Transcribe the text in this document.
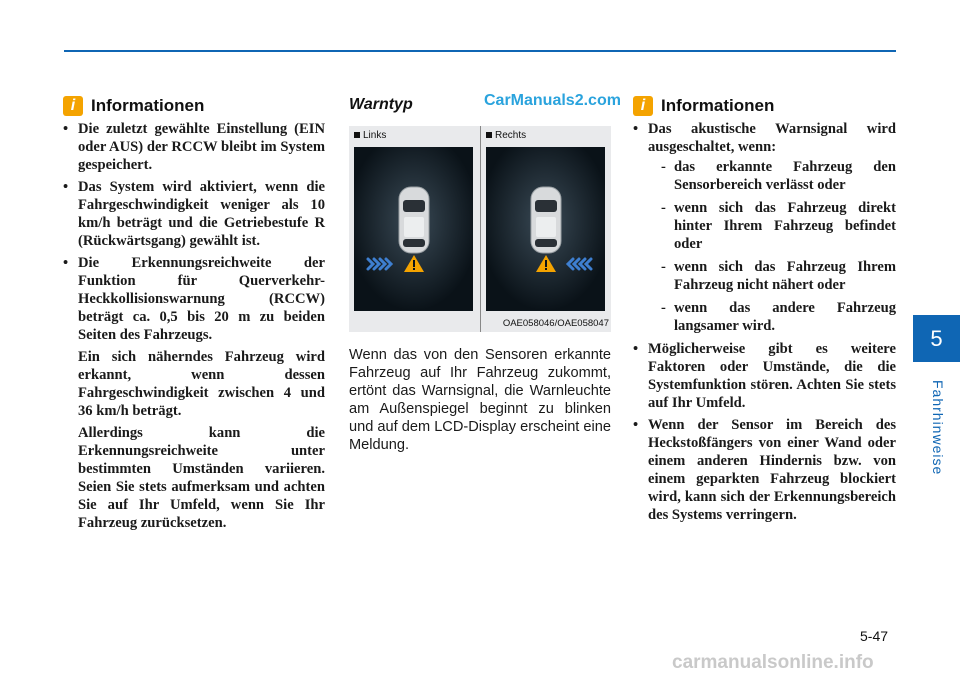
i Informationen
• Die zuletzt gewählte Einstellung (EIN oder AUS) der RCCW bleibt im System gespeichert.
• Das System wird aktiviert, wenn die Fahrgeschwindigkeit weniger als 10 km/h beträgt und die Getriebestufe R (Rückwärtsgang) gewählt ist.
• Die Erkennungsreichweite der Funktion für Querverkehr-Heckkollisionswarnung (RCCW) beträgt ca. 0,5 bis 20 m zu beiden Seiten des Fahrzeugs.

Ein sich näherndes Fahrzeug wird erkannt, wenn dessen Fahrgeschwindigkeit zwischen 4 und 36 km/h beträgt.

Allerdings kann die Erkennungsreichweite unter bestimmten Umständen variieren. Seien Sie stets aufmerksam und achten Sie auf Ihr Umfeld, wenn Sie Ihr Fahrzeug zurücksetzen.

Warntyp
Links	Rechts
OAE058046/OAE058047
Wenn das von den Sensoren erkannte Fahrzeug auf Ihr Fahrzeug zukommt, ertönt das Warnsignal, die Warnleuchte am Außenspiegel beginnt zu blinken und auf dem LCD-Display erscheint eine Meldung.
CarManuals2.com	i Informationen
• Das akustische Warnsignal wird ausgeschaltet, wenn:
- das erkannte Fahrzeug den Sensorbereich verlässt oder
- wenn sich das Fahrzeug direkt hinter Ihrem Fahrzeug befindet oder
- wenn sich das Fahrzeug Ihrem Fahrzeug nicht nähert oder
- wenn das andere Fahrzeug langsamer wird.
• Möglicherweise gibt es weitere Faktoren oder Umstände, die die Systemfunktion stören. Achten Sie stets auf Ihr Umfeld.
• Wenn der Sensor im Bereich des Heckstoßfängers von einer Wand oder einem anderen Hindernis bzw. von einem geparkten Fahrzeug blockiert wird, kann sich der Erkennungsbereich des Systems verringern.
5
Fahrhinweise
5-47
carmanualsonline.info
